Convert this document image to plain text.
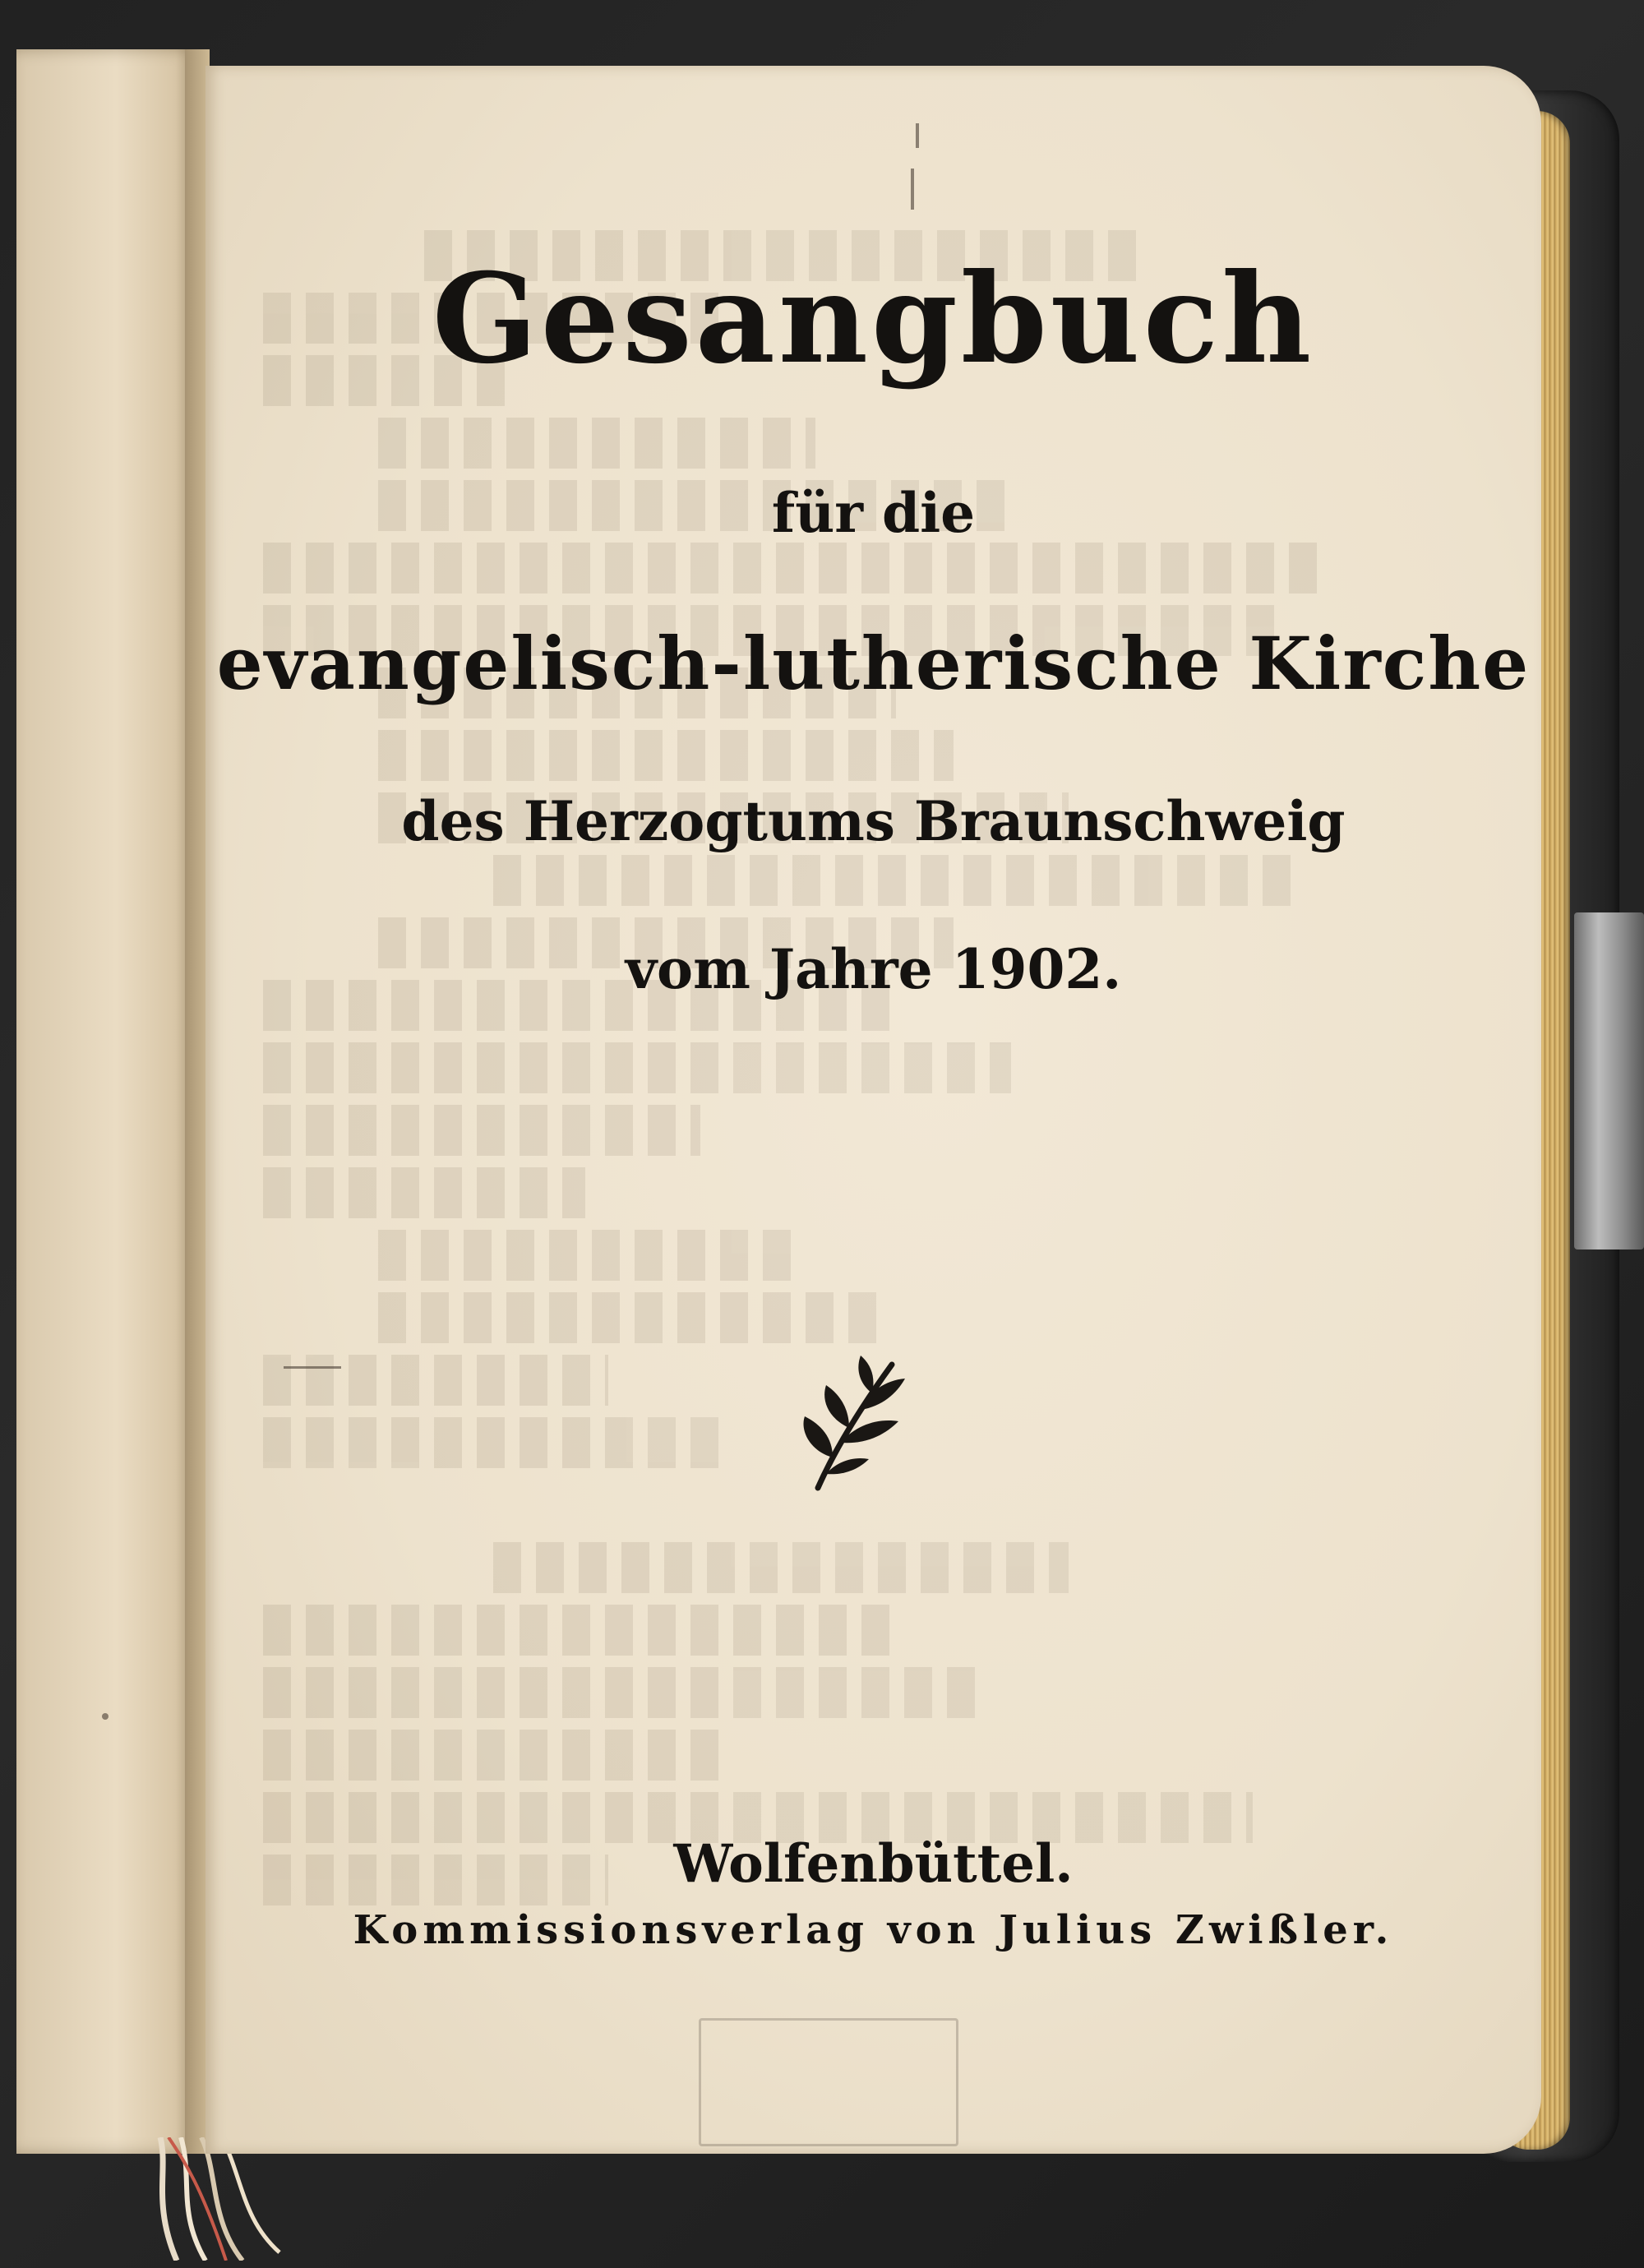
Gesangbuch
für die
evangelisch-lutherische Kirche
des Herzogtums Braunschweig
vom Jahre 1902.
Wolfenbüttel.
Kommissionsverlag von Julius Zwißler.
